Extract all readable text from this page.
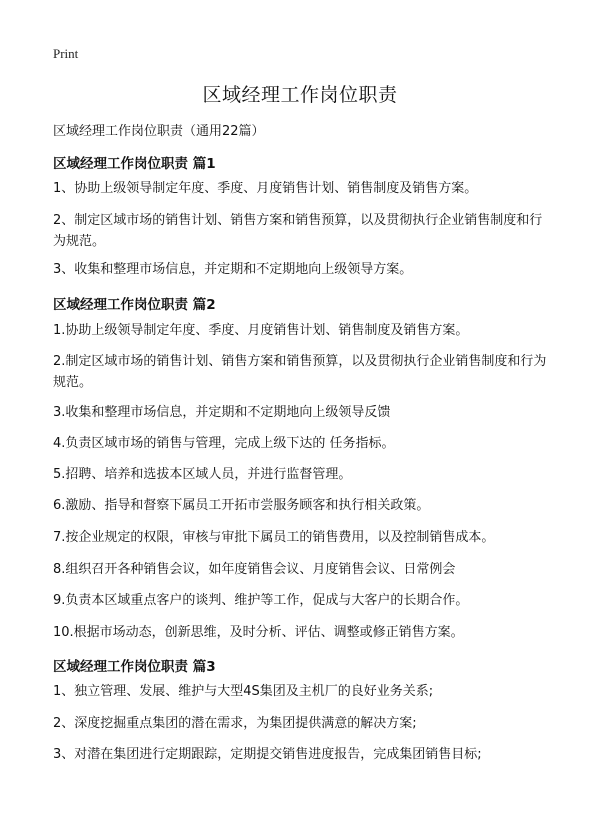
Print
区域经理工作岗位职责
区域经理工作岗位职责（通用22篇）
区域经理工作岗位职责 篇1
1、协助上级领导制定年度、季度、月度销售计划、销售制度及销售方案。
2、制定区域市场的销售计划、销售方案和销售预算，以及贯彻执行企业销售制度和行为规范。
3、收集和整理市场信息，并定期和不定期地向上级领导方案。
区域经理工作岗位职责 篇2
1.协助上级领导制定年度、季度、月度销售计划、销售制度及销售方案。
2.制定区域市场的销售计划、销售方案和销售预算，以及贯彻执行企业销售制度和行为规范。
3.收集和整理市场信息，并定期和不定期地向上级领导反馈
4.负责区域市场的销售与管理，完成上级下达的 任务指标。
5.招聘、培养和选拔本区域人员，并进行监督管理。
6.激励、指导和督察下属员工开拓市尝服务顾客和执行相关政策。
7.按企业规定的权限，审核与审批下属员工的销售费用，以及控制销售成本。
8.组织召开各种销售会议，如年度销售会议、月度销售会议、日常例会
9.负责本区域重点客户的谈判、维护等工作，促成与大客户的长期合作。
10.根据市场动态，创新思维，及时分析、评估、调整或修正销售方案。
区域经理工作岗位职责 篇3
1、独立管理、发展、维护与大型4S集团及主机厂的良好业务关系;
2、深度挖掘重点集团的潜在需求，为集团提供满意的解决方案;
3、对潜在集团进行定期跟踪，定期提交销售进度报告，完成集团销售目标;
